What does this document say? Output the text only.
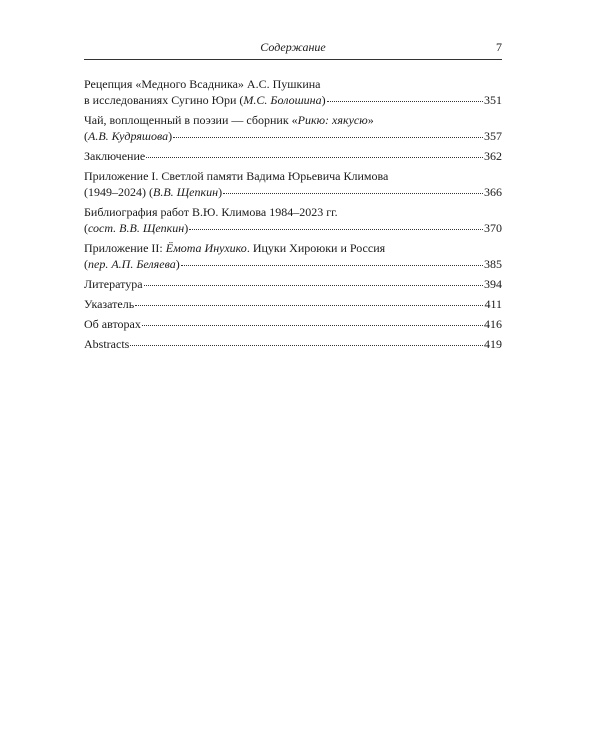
Содержание	7
Рецепция «Медного Всадника» А.С. Пушкина
в исследованиях Сугино Юри (М.С. Болошина)	351
Чай, воплощенный в поэзии — сборник «Рикю: хякусю»
(А.В. Кудряшова)	357
Заключение	362
Приложение I. Светлой памяти Вадима Юрьевича Климова
(1949–2024) (В.В. Щепкин)	366
Библиография работ В.Ю. Климова 1984–2023 гг.
(сост. В.В. Щепкин)	370
Приложение II: Ёмота Инухико. Ицуки Хироюки и Россия
(пер. А.П. Беляева)	385
Литература	394
Указатель	411
Об авторах	416
Abstracts	419
